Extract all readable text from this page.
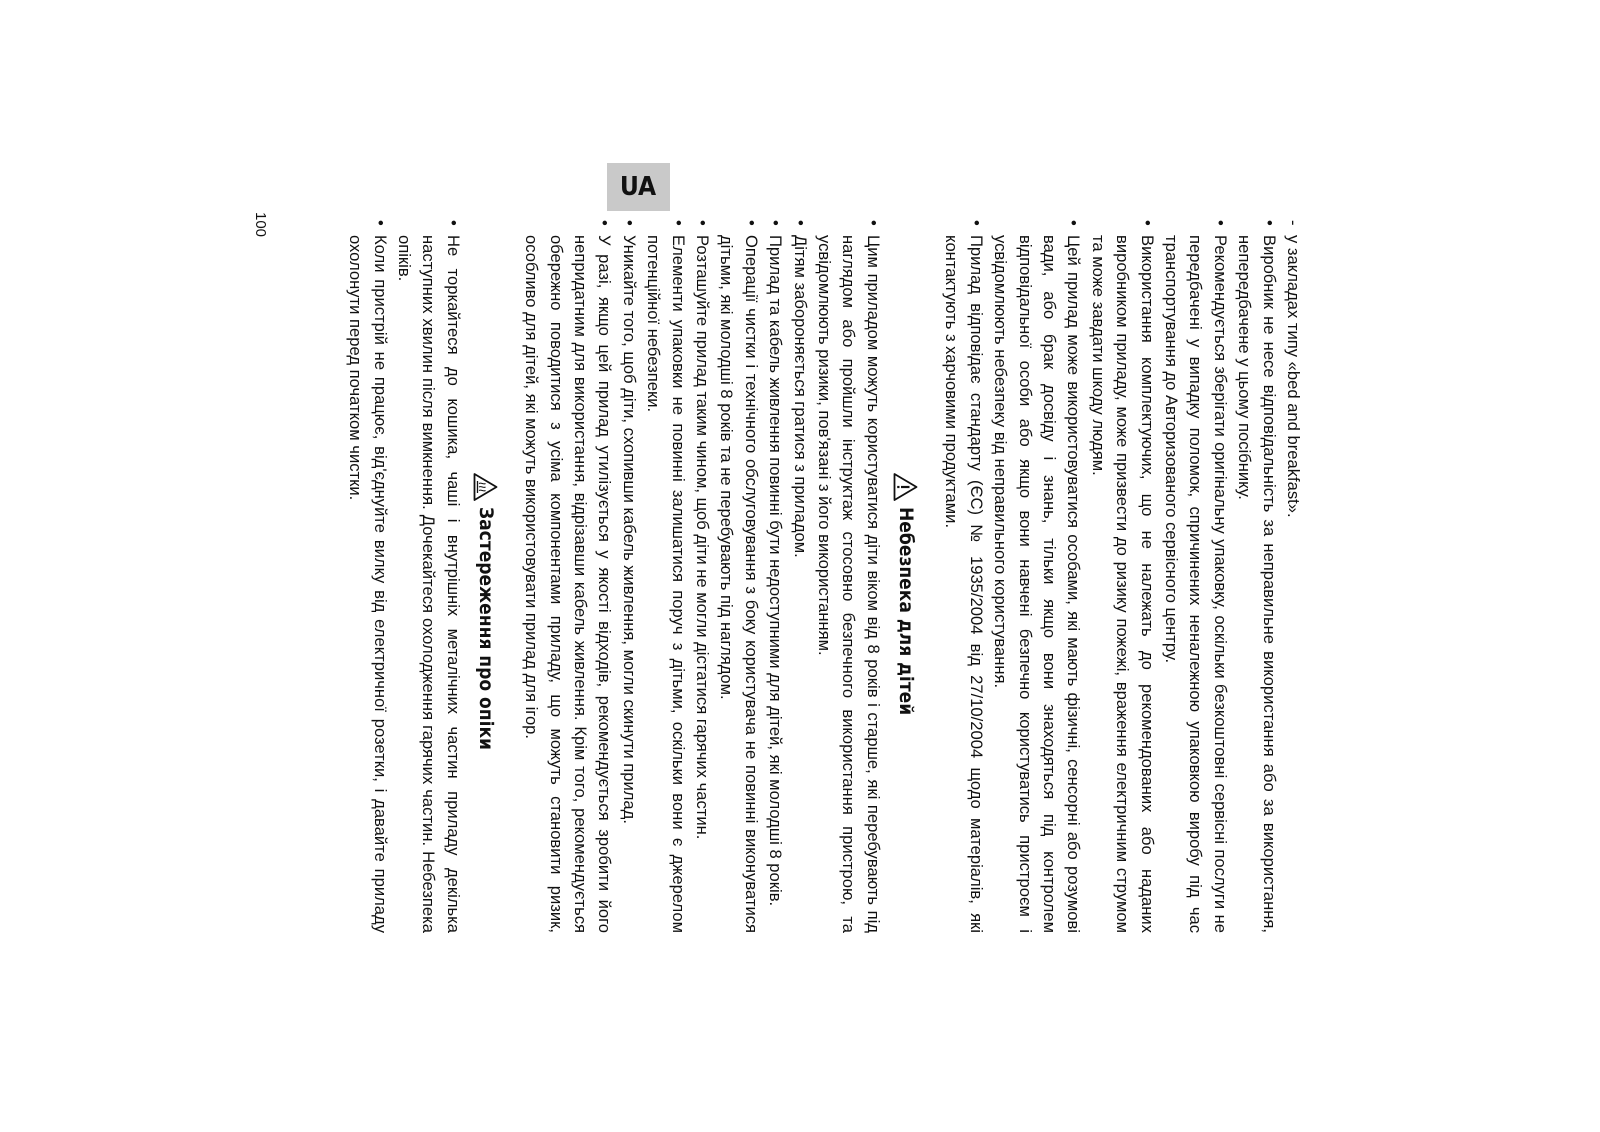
UA

-
у закладах типу «bed and breakfast».

•
Виробник не несе відповідальність за неправильне використання або за використання, непередбачене у цьому посібнику.

•
Рекомендується зберігати оригінальну упаковку, оскільки безкоштовні сервісні послуги не передбачені у випадку поломок, спричинених неналежною упаковкою виробу під час транспортування до Авторизованого сервісного центру.

•
Використання комплектуючих, що не належать до рекомендованих або наданих виробником приладу, може призвести до ризику пожежі, враження електричним струмом та може завдати шкоду людям.

•
Цей прилад може використовуватися особами, які мають фізичні, сенсорні або розумові вади, або брак досвіду і знань, тільки якщо вони знаходяться під контролем відповідальної особи або якщо вони навчені безпечно користуватись пристроєм і усвідомлюють небезпеку від неправильного користування.

•
Прилад відповідає стандарту (ЄС) № 1935/2004 від 27/10/2004 щодо матеріалів, які контактують з харчовими продуктами.

Небезпека для дітей

•
Цим приладом можуть користуватися діти віком від 8 років і старше, які перебувають під наглядом або пройшли інструктаж стосовно безпечного використання пристрою, та усвідомлюють ризики, пов'язані з його використанням.

•
Дітям забороняється гратися з приладом.

•
Прилад та кабель живлення повинні бути недоступними для дітей, які молодші 8 років.

•
Операції чистки і технічного обслуговування з боку користувача не повинні виконуватися дітьми, які молодші 8 років та не перебувають під наглядом.

•
Розташуйте прилад таким чином, щоб діти не могли дістатися гарячих частин.

•
Елементи упаковки не повинні залишатися поруч з дітьми, оскільки вони є джерелом потенційної небезпеки.

•
Уникайте того, щоб діти, схопивши кабель живлення, могли скинути прилад.

•
У разі, якщо цей прилад утилізується у якості відходів, рекомендується зробити його непридатним для використання, відрізавши кабель живлення. Крім того, рекомендується обережно поводитися з усіма компонентами приладу, що можуть становити ризик, особливо для дітей, які можуть використовувати прилад для ігор.

Застереження про опіки

•
Не торкайтеся до кошика, чаші і внутрішніх металічних частин приладу декілька наступних хвилин після вимкнення. Дочекайтеся охолодження гарячих частин. Небезпека опіків.

•
Коли пристрій не працює, від'єднуйте вилку від електричної розетки, і давайте приладу охолонути перед початком чистки.

100
